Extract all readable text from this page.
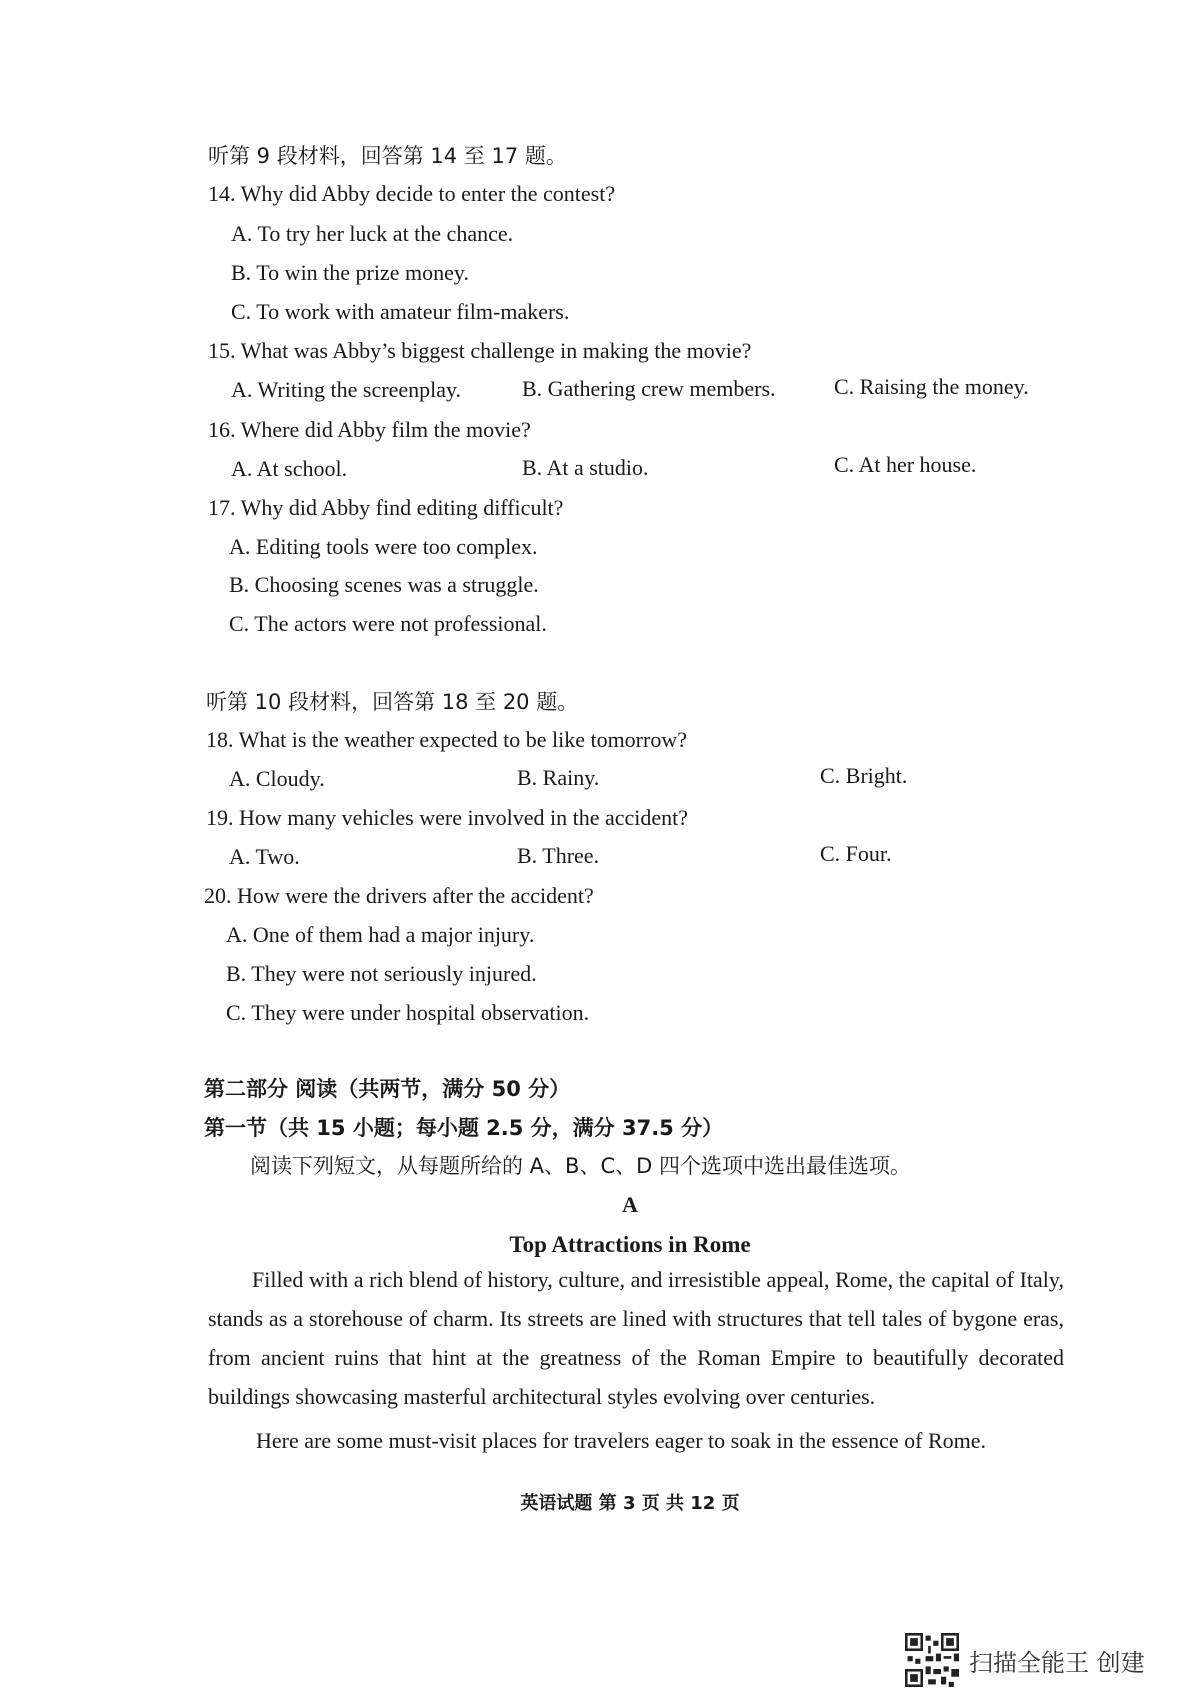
听第 9 段材料，回答第 14 至 17 题。
14. Why did Abby decide to enter the contest?
A. To try her luck at the chance.
B. To win the prize money.
C. To work with amateur film-makers.
15. What was Abby’s biggest challenge in making the movie?
A. Writing the screenplay.	B. Gathering crew members.	C. Raising the money.
16. Where did Abby film the movie?
A. At school.	B. At a studio.	C. At her house.
17. Why did Abby find editing difficult?
A. Editing tools were too complex.
B. Choosing scenes was a struggle.
C. The actors were not professional.
听第 10 段材料，回答第 18 至 20 题。
18. What is the weather expected to be like tomorrow?
A. Cloudy.	B. Rainy.	C. Bright.
19. How many vehicles were involved in the accident?
A. Two.	B. Three.	C. Four.
20. How were the drivers after the accident?
A. One of them had a major injury.
B. They were not seriously injured.
C. They were under hospital observation.
第二部分 阅读（共两节，满分 50 分）
第一节（共 15 小题；每小题 2.5 分，满分 37.5 分）
阅读下列短文，从每题所给的 A、B、C、D 四个选项中选出最佳选项。
A
Top Attractions in Rome

Filled with a rich blend of history, culture, and irresistible appeal, Rome, the capital of Italy, stands as a storehouse of charm. Its streets are lined with structures that tell tales of bygone eras, from ancient ruins that hint at the greatness of the Roman Empire to beautifully decorated buildings showcasing masterful architectural styles evolving over centuries.

Here are some must-visit places for travelers eager to soak in the essence of Rome.

英语试题 第 3 页 共 12 页
扫描全能王 创建
